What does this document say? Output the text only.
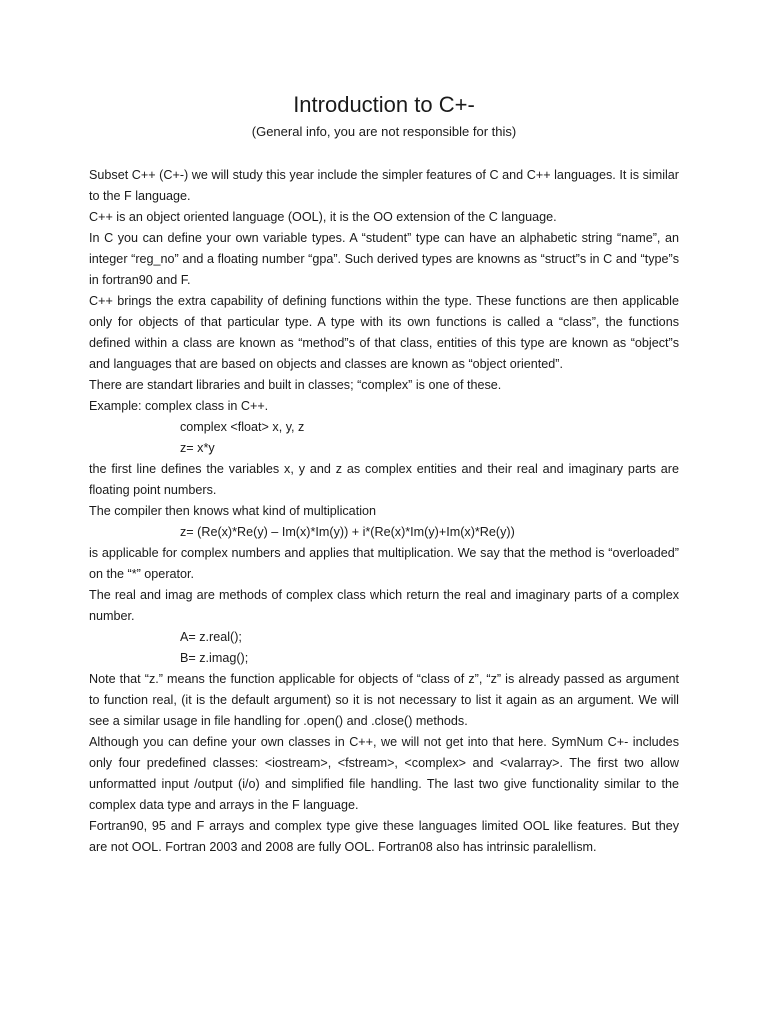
Introduction to C+-
(General info, you are not responsible for this)

Subset C++ (C+-) we will study this year include the simpler features of C and C++ languages. It is similar to the F language.

C++ is an object oriented language (OOL), it is the OO extension of the C language.

In C you can define your own variable types. A “student” type can have an alphabetic string “name”, an integer “reg_no” and a floating number “gpa”. Such derived types are knowns as “struct”s in C and “type”s in fortran90 and F.

C++ brings the extra capability of defining functions within the type. These functions are then applicable only for objects of that particular type. A type with its own functions is called a “class”, the functions defined within a class are known as “method”s of that class, entities of this type are known as “object”s and languages that are based on objects and classes are known as “object oriented”.

There are standart libraries and built in classes; “complex” is one of these.

Example: complex class in C++.

complex <float> x, y, z

z= x*y

the first line defines the variables x, y and z as complex entities and their real and imaginary parts are floating point numbers.

The compiler then knows what kind of multiplication

z= (Re(x)*Re(y) – Im(x)*Im(y)) + i*(Re(x)*Im(y)+Im(x)*Re(y))

is applicable for complex numbers and applies that multiplication. We say that the method is “overloaded” on the “*” operator.

The real and imag are methods of complex class which return the real and imaginary parts of a complex number.

A= z.real();

B= z.imag();

Note that “z.” means the function applicable for objects of “class of z”, “z” is already passed as argument to function real, (it is the default argument) so it is not necessary to list it again as an argument. We will see a similar usage in file handling for .open() and .close() methods.

Although you can define your own classes in C++, we will not get into that here. SymNum C+- includes only four predefined classes: <iostream>, <fstream>, <complex> and <valarray>. The first two allow unformatted input /output (i/o) and simplified file handling. The last two give functionality similar to the complex data type and arrays in the F language.

Fortran90, 95 and F arrays and complex type give these languages limited OOL like features. But they are not OOL. Fortran 2003 and 2008 are fully OOL. Fortran08 also has intrinsic paralellism.
